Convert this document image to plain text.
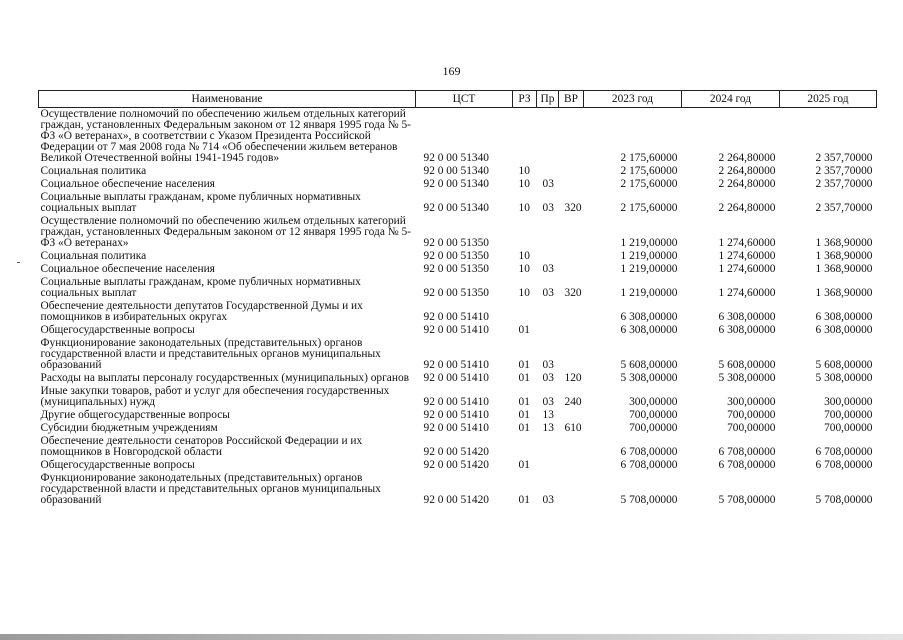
169
Наименование	ЦСТ	РЗ	Пр	ВР	2023 год	2024 год	2025 год
Осуществление полномочий по обеспечению жильем отдельных категорий граждан, установленных Федеральным законом от 12 января 1995 года № 5-ФЗ «О ветеранах», в соответствии с Указом Президента Российской Федерации от 7 мая 2008 года № 714 «Об обеспечении жильем ветеранов Великой Отечественной войны 1941-1945 годов»	92 0 00 51340				2 175,60000	2 264,80000	2 357,70000
Социальная политика	92 0 00 51340	10			2 175,60000	2 264,80000	2 357,70000
Социальное обеспечение населения	92 0 00 51340	10	03		2 175,60000	2 264,80000	2 357,70000
Социальные выплаты гражданам, кроме публичных нормативных социальных выплат	92 0 00 51340	10	03	320	2 175,60000	2 264,80000	2 357,70000
Осуществление полномочий по обеспечению жильем отдельных категорий граждан, установленных Федеральным законом от 12 января 1995 года № 5-ФЗ «О ветеранах»	92 0 00 51350				1 219,00000	1 274,60000	1 368,90000
Социальная политика	92 0 00 51350	10			1 219,00000	1 274,60000	1 368,90000
Социальное обеспечение населения	92 0 00 51350	10	03		1 219,00000	1 274,60000	1 368,90000
Социальные выплаты гражданам, кроме публичных нормативных социальных выплат	92 0 00 51350	10	03	320	1 219,00000	1 274,60000	1 368,90000
Обеспечение деятельности депутатов Государственной Думы и их помощников в избирательных округах	92 0 00 51410				6 308,00000	6 308,00000	6 308,00000
Общегосударственные вопросы	92 0 00 51410	01			6 308,00000	6 308,00000	6 308,00000
Функционирование законодательных (представительных) органов государственной власти и представительных органов муниципальных образований	92 0 00 51410	01	03		5 608,00000	5 608,00000	5 608,00000
Расходы на выплаты персоналу государственных (муниципальных) органов	92 0 00 51410	01	03	120	5 308,00000	5 308,00000	5 308,00000
Иные закупки товаров, работ и услуг для обеспечения государственных (муниципальных) нужд	92 0 00 51410	01	03	240	300,00000	300,00000	300,00000
Другие общегосударственные вопросы	92 0 00 51410	01	13		700,00000	700,00000	700,00000
Субсидии бюджетным учреждениям	92 0 00 51410	01	13	610	700,00000	700,00000	700,00000
Обеспечение деятельности сенаторов Российской Федерации и их помощников в Новгородской области	92 0 00 51420				6 708,00000	6 708,00000	6 708,00000
Общегосударственные вопросы	92 0 00 51420	01			6 708,00000	6 708,00000	6 708,00000
Функционирование законодательных (представительных) органов государственной власти и представительных органов муниципальных образований	92 0 00 51420	01	03		5 708,00000	5 708,00000	5 708,00000
